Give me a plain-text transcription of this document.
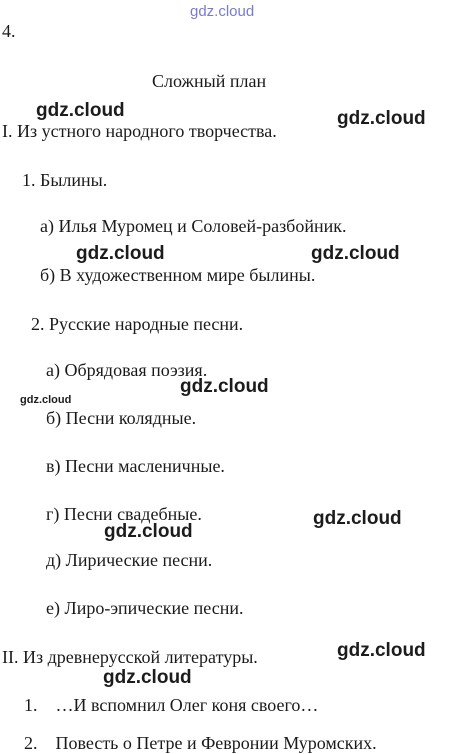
gdz.cloud
gdz.cloud	gdz.cloud
gdz.cloud	gdz.cloud
gdz.cloud
gdz.cloud
gdz.cloud
gdz.cloud
gdz.cloud
gdz.cloud
4.
Сложный план
I. Из устного народного творчества.
1. Былины.
а) Илья Муромец и Соловей-разбойник.
б) В художественном мире былины.
2. Русские народные песни.
а) Обрядовая поэзия.
б) Песни колядные.
в) Песни масленичные.
г) Песни свадебные.
д) Лирические песни.
е) Лиро-эпические песни.
II. Из древнерусской литературы.
1.    …И вспомнил Олег коня своего…
2.    Повесть о Петре и Февронии Муромских.
